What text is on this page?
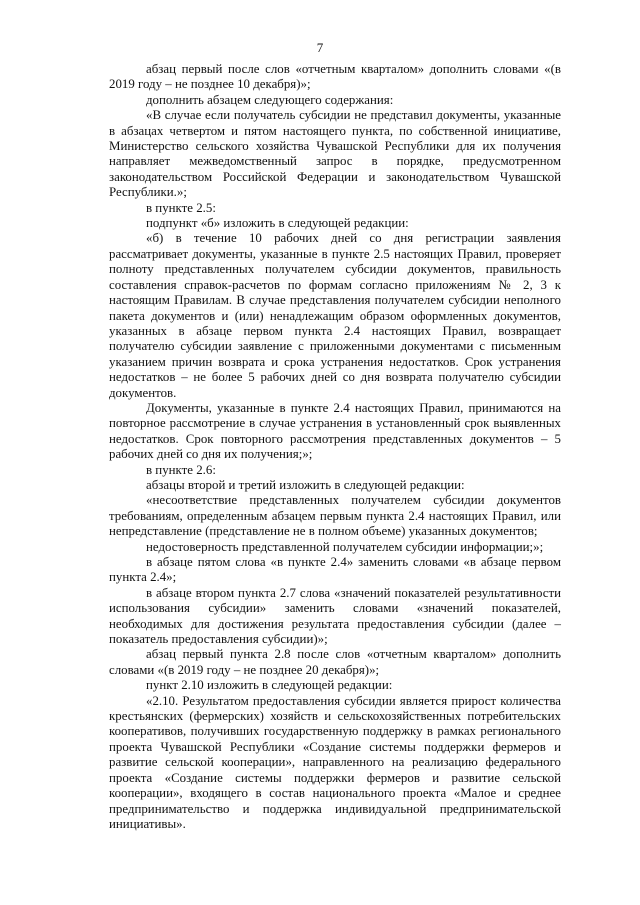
7

абзац первый после слов «отчетным кварталом» дополнить словами «(в 2019 году – не позднее 10 декабря)»;

дополнить абзацем следующего содержания:

«В случае если получатель субсидии не представил документы, указанные в абзацах четвертом и пятом настоящего пункта, по собственной инициативе, Министерство сельского хозяйства Чувашской Республики для их получения направляет межведомственный запрос в порядке, предусмотренном законодательством Российской Федерации и законодательством Чувашской Республики.»;

в пункте 2.5:

подпункт «б» изложить в следующей редакции:

«б) в течение 10 рабочих дней со дня регистрации заявления рассматривает документы, указанные в пункте 2.5 настоящих Правил, проверяет полноту представленных получателем субсидии документов, правильность составления справок-расчетов по формам согласно приложениям № 2, 3 к настоящим Правилам. В случае представления получателем субсидии неполного пакета документов и (или) ненадлежащим образом оформленных документов, указанных в абзаце первом пункта 2.4 настоящих Правил, возвращает получателю субсидии заявление с приложенными документами с письменным указанием причин возврата и срока устранения недостатков. Срок устранения недостатков – не более 5 рабочих дней со дня возврата получателю субсидии документов.

Документы, указанные в пункте 2.4 настоящих Правил, принимаются на повторное рассмотрение в случае устранения в установленный срок выявленных недостатков. Срок повторного рассмотрения представленных документов – 5 рабочих дней со дня их получения;»;

в пункте 2.6:

абзацы второй и третий изложить в следующей редакции:

«несоответствие представленных получателем субсидии документов требованиям, определенным абзацем первым пункта 2.4 настоящих Правил, или непредставление (представление не в полном объеме) указанных документов;

недостоверность представленной получателем субсидии информации;»;

в абзаце пятом слова «в пункте 2.4» заменить словами «в абзаце первом пункта 2.4»;

в абзаце втором пункта 2.7 слова «значений показателей результативности использования субсидии» заменить словами «значений показателей, необходимых для достижения результата предоставления субсидии (далее – показатель предоставления субсидии)»;

абзац первый пункта 2.8 после слов «отчетным кварталом» дополнить словами «(в 2019 году – не позднее 20 декабря)»;

пункт 2.10 изложить в следующей редакции:

«2.10. Результатом предоставления субсидии является прирост количества крестьянских (фермерских) хозяйств и сельскохозяйственных потребительских кооперативов, получивших государственную поддержку в рамках регионального проекта Чувашской Республики «Создание системы поддержки фермеров и развитие сельской кооперации», направленного на реализацию федерального проекта «Создание системы поддержки фермеров и развитие сельской кооперации», входящего в состав национального проекта «Малое и среднее предпринимательство и поддержка индивидуальной предпринимательской инициативы».
